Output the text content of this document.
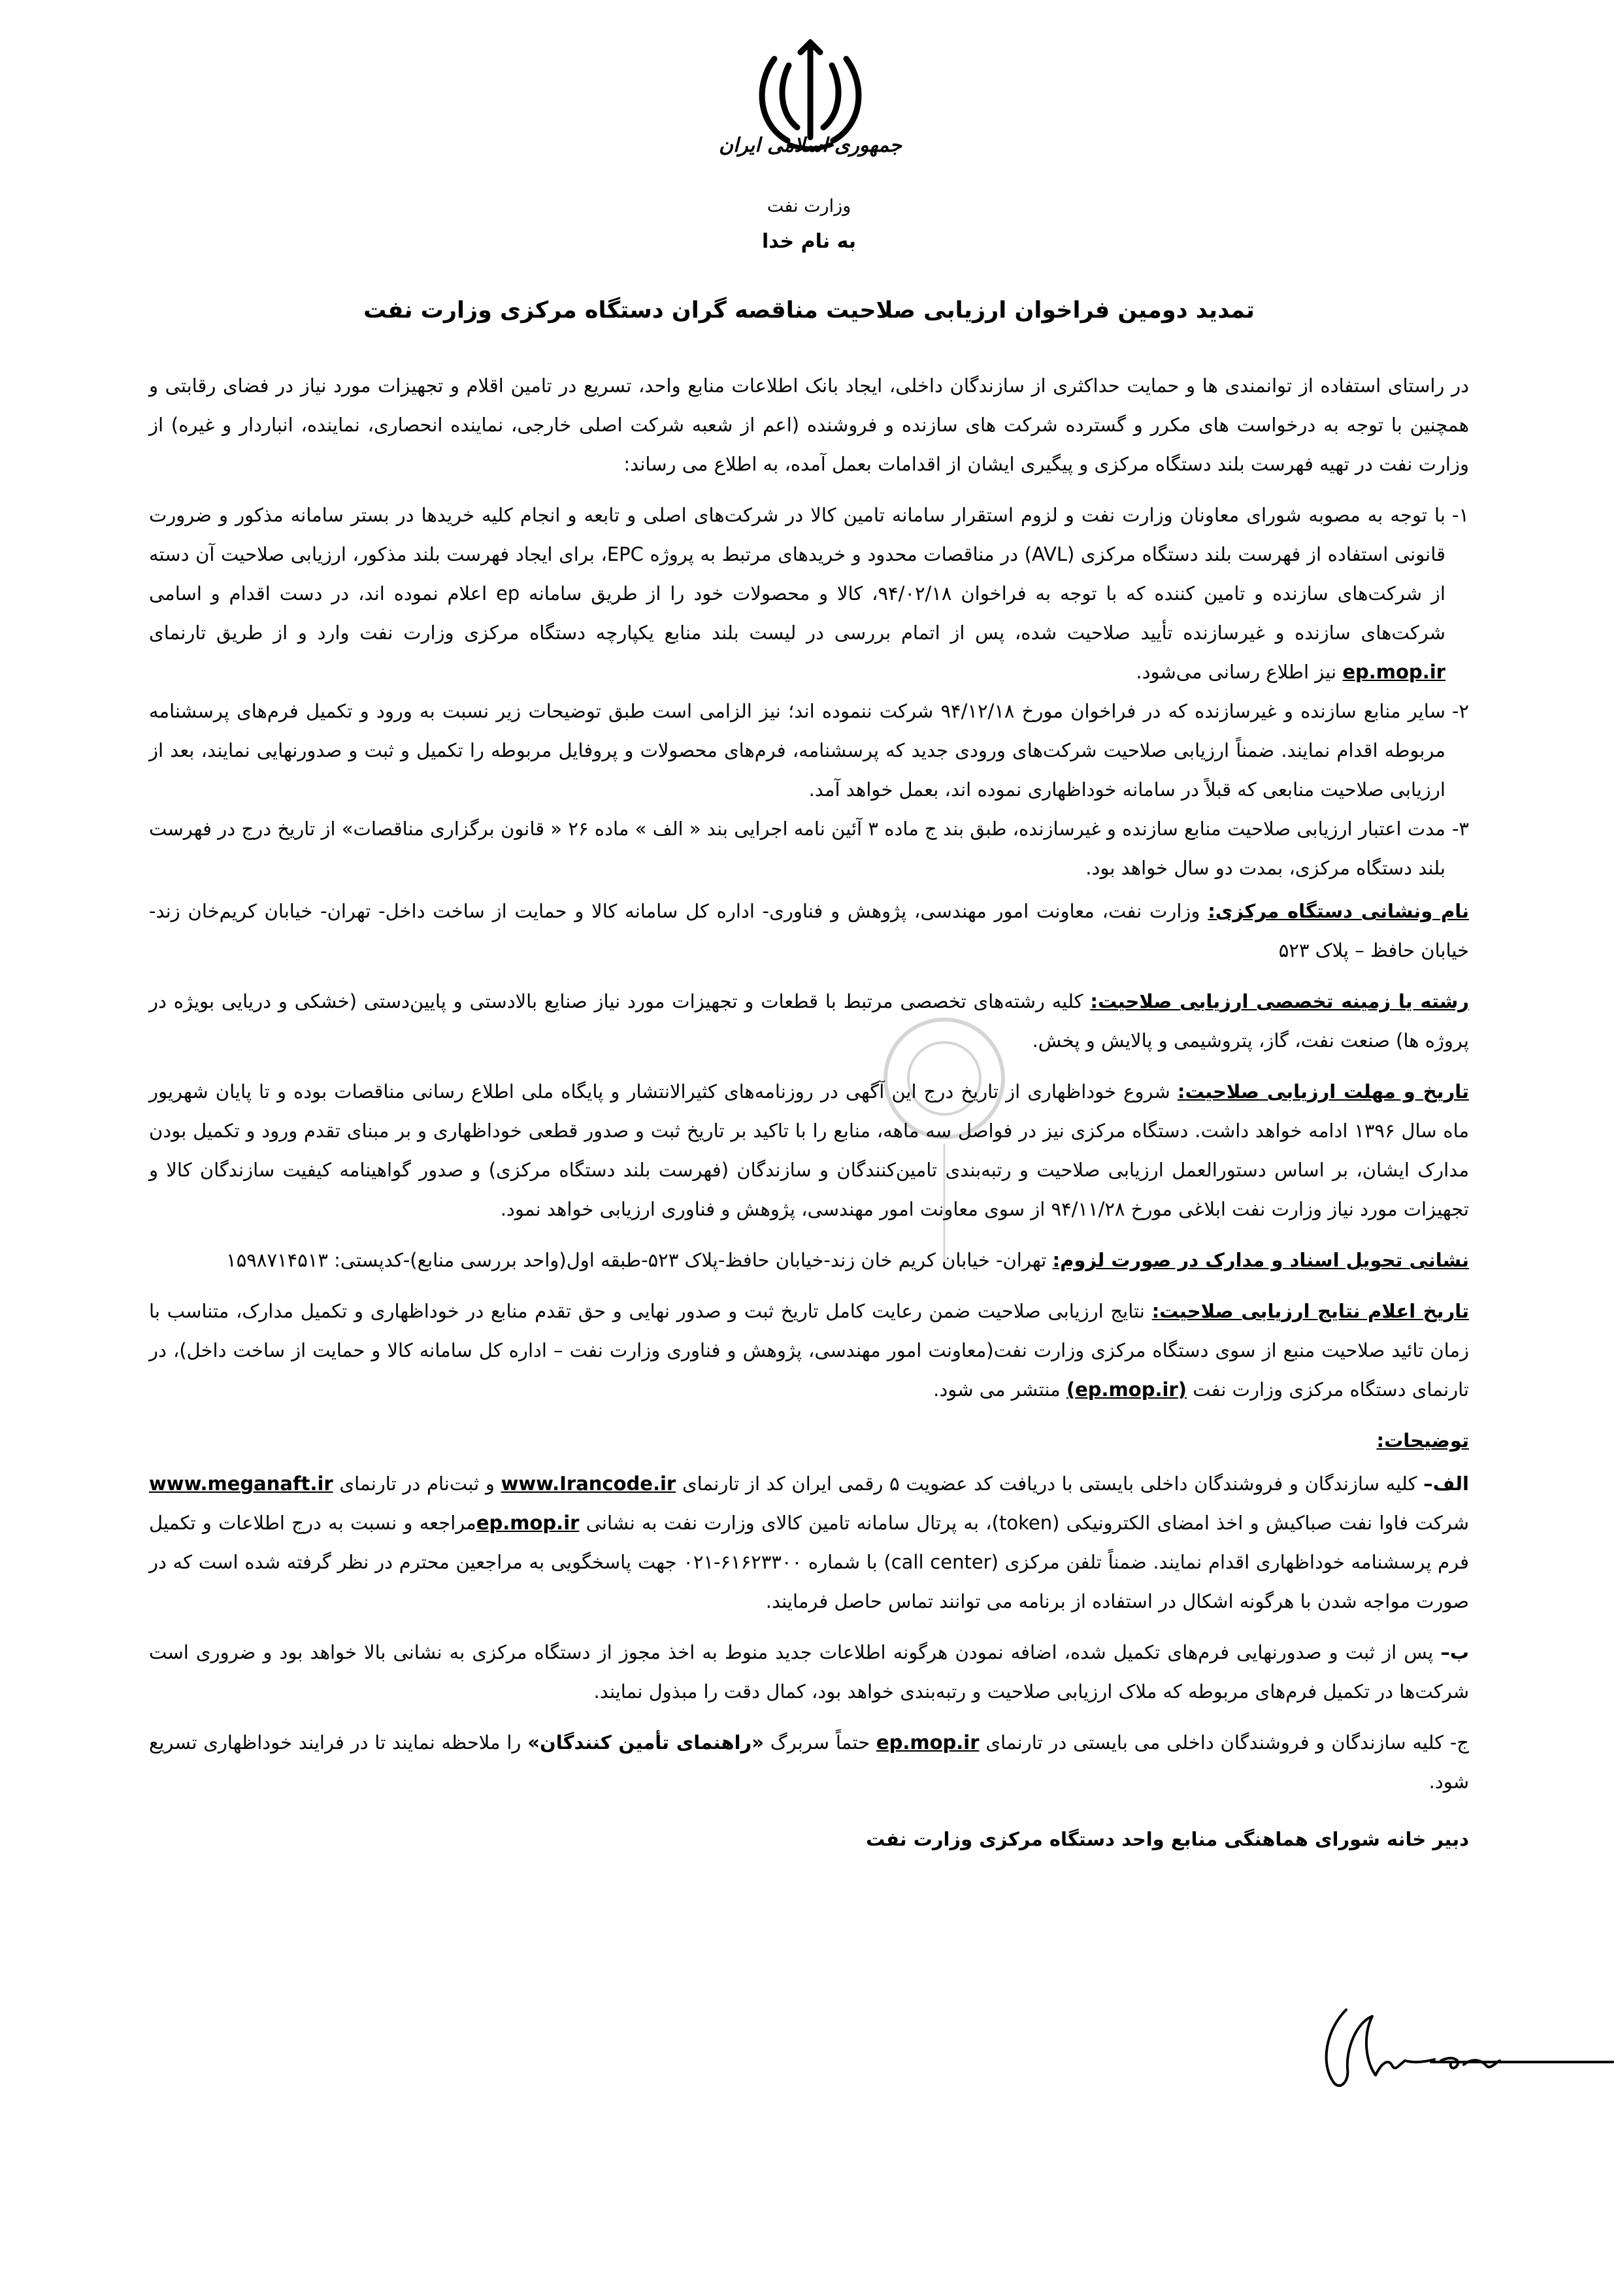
جمهوری اسلامی ایران
وزارت نفت
به نام خدا
تمدید دومین فراخوان ارزیابی صلاحیت مناقصه گران دستگاه مرکزی وزارت نفت

در راستای استفاده از توانمندی ها و حمایت حداکثری از سازندگان داخلی، ایجاد بانک اطلاعات منابع واحد، تسریع در تامین اقلام و تجهیزات مورد نیاز در فضای رقابتی و همچنین با توجه به درخواست های مکرر و گسترده شرکت های سازنده و فروشنده (اعم از شعبه شرکت اصلی خارجی، نماینده انحصاری، نماینده، انباردار و غیره) از وزارت نفت در تهیه فهرست بلند دستگاه مرکزی و پیگیری ایشان از اقدامات بعمل آمده، به اطلاع می رساند:

۱-
با توجه به مصوبه شورای معاونان وزارت نفت و لزوم استقرار سامانه تامین کالا در شرکت‌های اصلی و تابعه و انجام کلیه خریدها در بستر سامانه مذکور و ضرورت قانونی استفاده از فهرست بلند دستگاه مرکزی (AVL) در مناقصات محدود و خریدهای مرتبط به پروژه EPC، برای ایجاد فهرست بلند مذکور، ارزیابی صلاحیت آن دسته از شرکت‌های سازنده و تامین کننده که با توجه به فراخوان ۹۴/۰۲/۱۸، کالا و محصولات خود را از طریق سامانه ep اعلام نموده اند، در دست اقدام و اسامی شرکت‌های سازنده و غیرسازنده تأیید صلاحیت شده، پس از اتمام بررسی در لیست بلند منابع یکپارچه دستگاه مرکزی وزارت نفت وارد و از طریق تارنمای ep.mop.ir نیز اطلاع رسانی می‌شود.
۲-
سایر منابع سازنده و غیرسازنده که در فراخوان مورخ ۹۴/۱۲/۱۸ شرکت ننموده اند؛ نیز الزامی است طبق توضیحات زیر نسبت به ورود و تکمیل فرم‌های پرسشنامه مربوطه اقدام نمایند. ضمناً ارزیابی صلاحیت شرکت‌های ورودی جدید که پرسشنامه، فرم‌های محصولات و پروفایل مربوطه را تکمیل و ثبت و صدورنهایی نمایند، بعد از ارزیابی صلاحیت منابعی که قبلاً در سامانه خوداظهاری نموده اند، بعمل خواهد آمد.
۳-
مدت اعتبار ارزیابی صلاحیت منابع سازنده و غیرسازنده، طبق بند ج ماده ۳ آئین نامه اجرایی بند « الف » ماده ۲۶ « قانون برگزاری مناقصات» از تاریخ درج در فهرست بلند دستگاه مرکزی، بمدت دو سال خواهد بود.

نام ونشانی دستگاه مرکزی: وزارت نفت، معاونت امور مهندسی، پژوهش و فناوری- اداره کل سامانه کالا و حمایت از ساخت داخل- تهران- خیابان کریم‌خان زند- خیابان حافظ – پلاک ۵۲۳

رشته یا زمینه تخصصی ارزیابی صلاحیت: کلیه رشته‌های تخصصی مرتبط با قطعات و تجهیزات مورد نیاز صنایع بالادستی و پایین‌دستی (خشکی و دریایی بویژه در پروژه ها) صنعت نفت، گاز، پتروشیمی و پالایش و پخش.

تاریخ و مهلت ارزیابی صلاحیت: شروع خوداظهاری از تاریخ درج این آگهی در روزنامه‌های کثیرالانتشار و پایگاه ملی اطلاع رسانی مناقصات بوده و تا پایان شهریور ماه سال ۱۳۹۶ ادامه خواهد داشت. دستگاه مرکزی نیز در فواصل سه ماهه، منابع را با تاکید بر تاریخ ثبت و صدور قطعی خوداظهاری و بر مبنای تقدم ورود و تکمیل بودن مدارک ایشان، بر اساس دستورالعمل ارزیابی صلاحیت و رتبه‌بندی تامین‌کنندگان و سازندگان (فهرست بلند دستگاه مرکزی) و صدور گواهینامه کیفیت سازندگان کالا و تجهیزات مورد نیاز وزارت نفت ابلاغی مورخ ۹۴/۱۱/۲۸ از سوی معاونت امور مهندسی، پژوهش و فناوری ارزیابی خواهد نمود.

نشانی تحویل اسناد و مدارک در صورت لزوم: تهران- خیابان کریم خان زند-خیابان حافظ-پلاک ۵۲۳-طبقه اول(واحد بررسی منابع)-کدپستی: ۱۵۹۸۷۱۴۵۱۳

تاریخ اعلام نتایج ارزیابی صلاحیت: نتایج ارزیابی صلاحیت ضمن رعایت کامل تاریخ ثبت و صدور نهایی و حق تقدم منابع در خوداظهاری و تکمیل مدارک، متناسب با زمان تائید صلاحیت منبع از سوی دستگاه مرکزی وزارت نفت(معاونت امور مهندسی، پژوهش و فناوری وزارت نفت – اداره کل سامانه کالا و حمایت از ساخت داخل)، در تارنمای دستگاه مرکزی وزارت نفت (ep.mop.ir) منتشر می شود.

توضیحات:

الف– کلیه سازندگان و فروشندگان داخلی بایستی با دریافت کد عضویت ۵ رقمی ایران کد از تارنمای www.Irancode.ir و ثبت‌نام در تارنمای www.meganaft.ir شرکت فاوا نفت صباکیش و اخذ امضای الکترونیکی (token)، به پرتال سامانه تامین کالای وزارت نفت به نشانی ep.mop.irمراجعه و نسبت به درج اطلاعات و تکمیل فرم پرسشنامه خوداظهاری اقدام نمایند. ضمناً تلفن مرکزی (call center) با شماره ۶۱۶۲۳۳۰۰-۰۲۱ جهت پاسخگویی به مراجعین محترم در نظر گرفته شده است که در صورت مواجه شدن با هرگونه اشکال در استفاده از برنامه می توانند تماس حاصل فرمایند.

ب– پس از ثبت و صدورنهایی فرم‌های تکمیل شده، اضافه نمودن هرگونه اطلاعات جدید منوط به اخذ مجوز از دستگاه مرکزی به نشانی بالا خواهد بود و ضروری است شرکت‌ها در تکمیل فرم‌های مربوطه که ملاک ارزیابی صلاحیت و رتبه‌بندی خواهد بود، کمال دقت را مبذول نمایند.

ج- کلیه سازندگان و فروشندگان داخلی می بایستی در تارنمای ep.mop.ir حتماً سربرگ «راهنمای تأمین کنندگان» را ملاحظه نمایند تا در فرایند خوداظهاری تسریع شود.

دبیر خانه شورای هماهنگی منابع واحد دستگاه مرکزی وزارت نفت
